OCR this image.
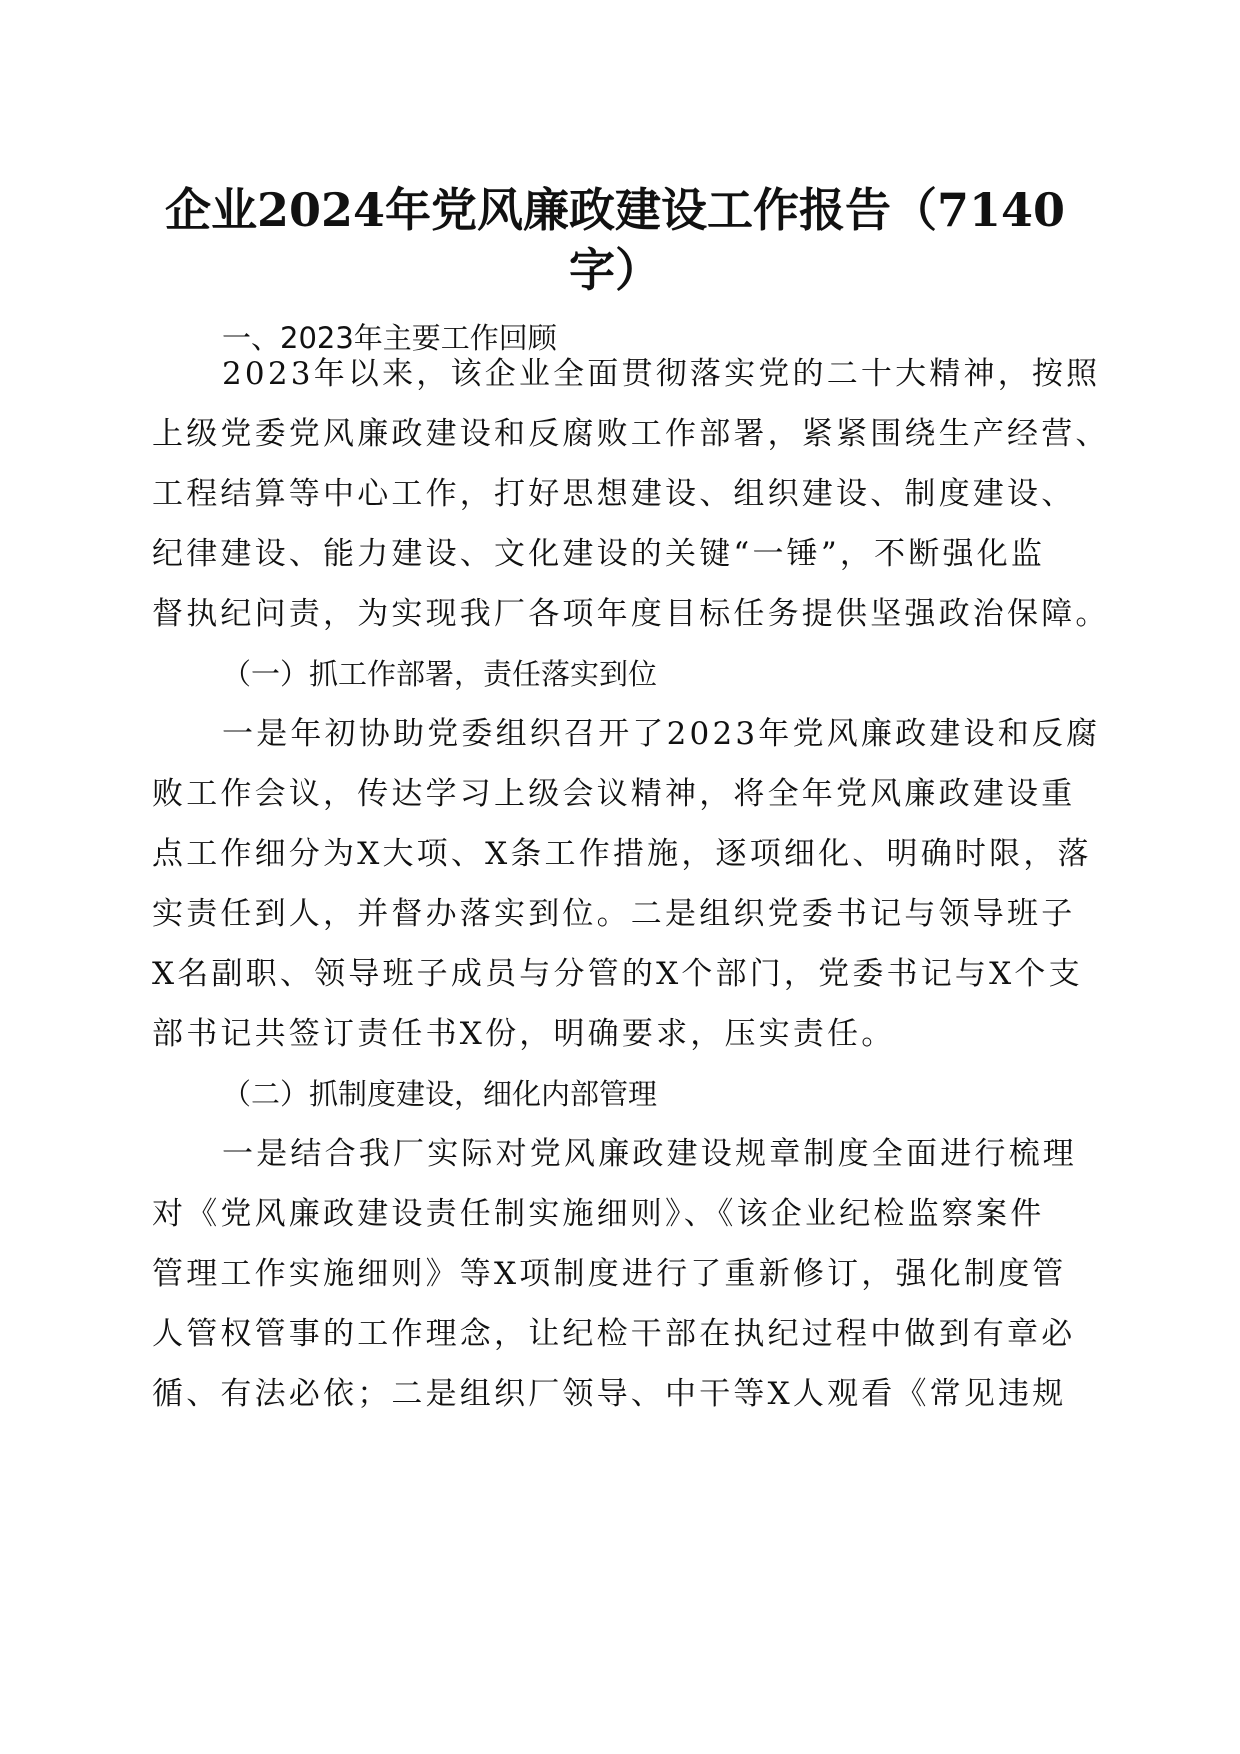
企业2024年党风廉政建设工作报告（7140
字）

一、2023年主要工作回顾

2023年以来，该企业全面贯彻落实党的二十大精神，按照

上级党委党风廉政建设和反腐败工作部署，紧紧围绕生产经营、

工程结算等中心工作，打好思想建设、组织建设、制度建设、

纪律建设、能力建设、文化建设的关键“一锤”，不断强化监

督执纪问责，为实现我厂各项年度目标任务提供坚强政治保障。

（一）抓工作部署，责任落实到位

一是年初协助党委组织召开了2023年党风廉政建设和反腐

败工作会议，传达学习上级会议精神，将全年党风廉政建设重

点工作细分为X大项、X条工作措施，逐项细化、明确时限，落

实责任到人，并督办落实到位。二是组织党委书记与领导班子

X名副职、领导班子成员与分管的X个部门，党委书记与X个支

部书记共签订责任书X份，明确要求，压实责任。

（二）抓制度建设，细化内部管理

一是结合我厂实际对党风廉政建设规章制度全面进行梳理

对《党风廉政建设责任制实施细则》、《该企业纪检监察案件

管理工作实施细则》等X项制度进行了重新修订，强化制度管

人管权管事的工作理念，让纪检干部在执纪过程中做到有章必

循、有法必依；二是组织厂领导、中干等X人观看《常见违规
